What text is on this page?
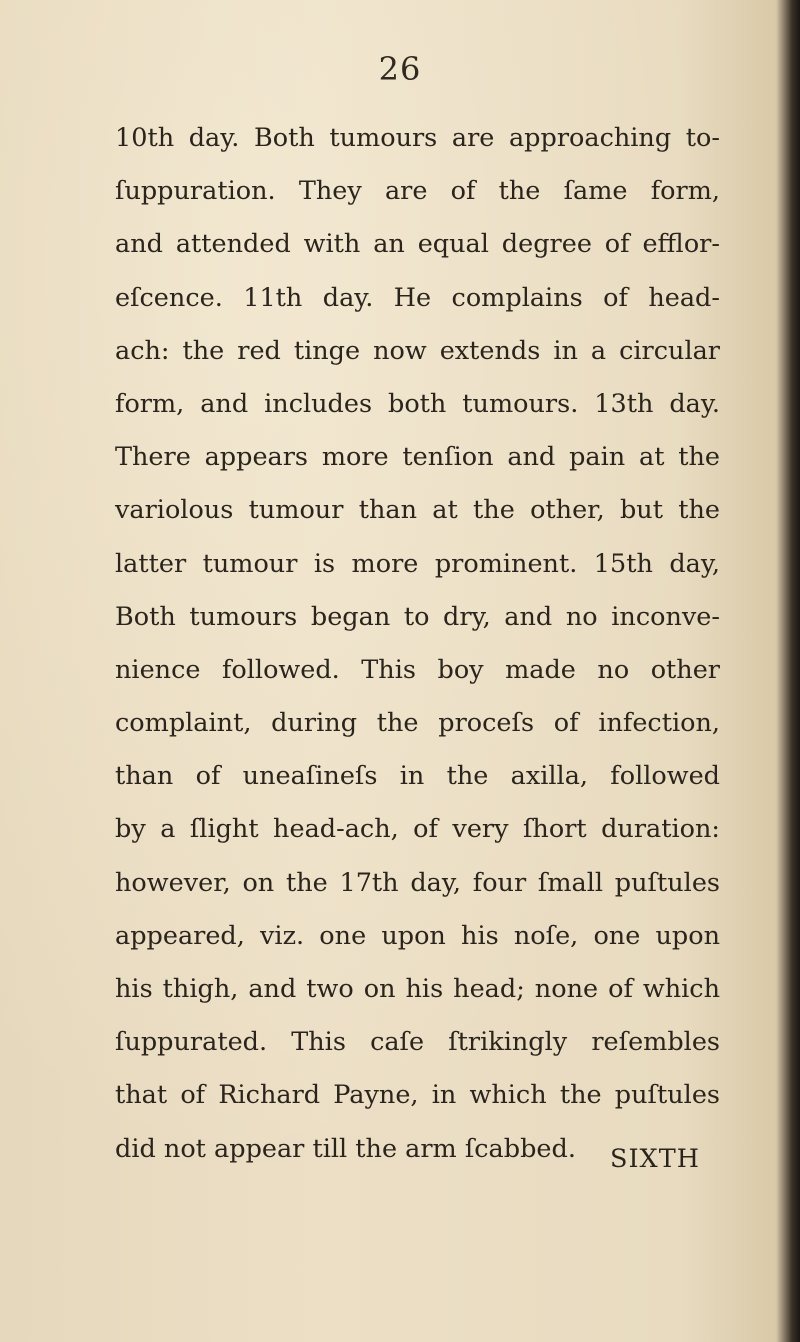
26
10th day. Both tumours are approaching to-
ſuppuration. They are of the ſame form,
and attended with an equal degree of efflor-
eſcence. 11th day. He complains of head-
ach: the red tinge now extends in a circular
form, and includes both tumours. 13th day.
There appears more tenſion and pain at the
variolous tumour than at the other, but the
latter tumour is more prominent. 15th day,
Both tumours began to dry, and no inconve-
nience followed. This boy made no other
complaint, during the proceſs of infection,
than of uneaſineſs in the axilla, followed
by a ſlight head-ach, of very ſhort duration:
however, on the 17th day, four ſmall puſtules
appeared, viz. one upon his noſe, one upon
his thigh, and two on his head; none of which
ſuppurated. This caſe ſtrikingly reſembles
that of Richard Payne, in which the puſtules
did not appear till the arm ſcabbed.	SIXTH
